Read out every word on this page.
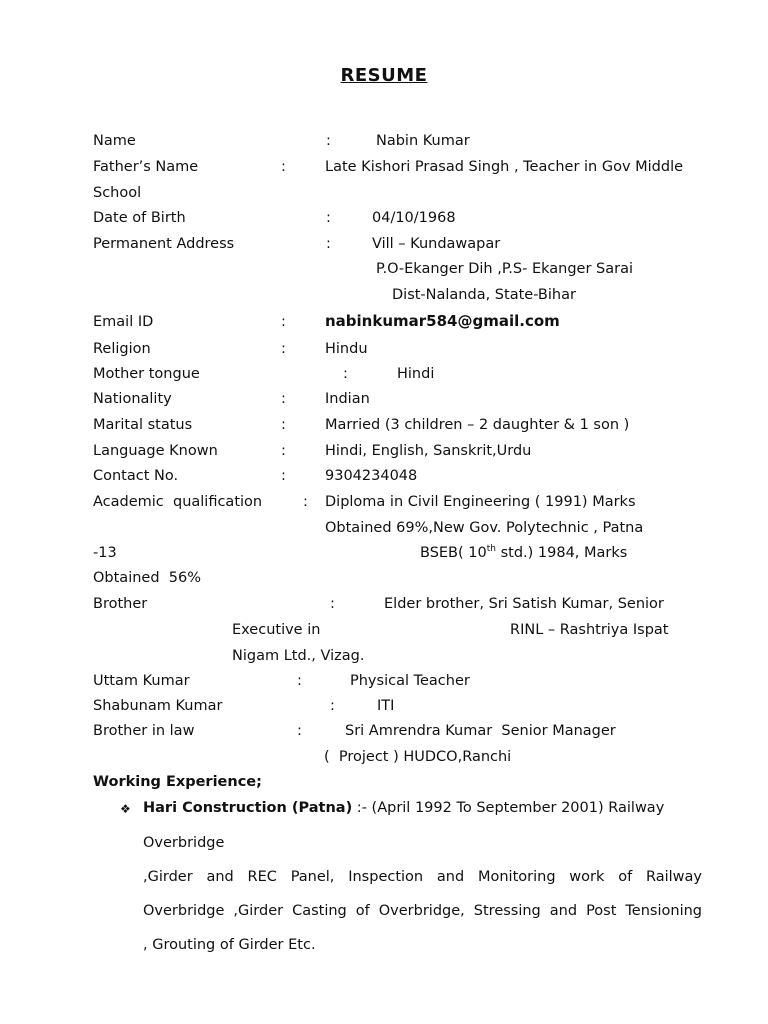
RESUME
Name	:	Nabin Kumar
Father’s Name	:	Late Kishori Prasad Singh , Teacher in Gov Middle
School
Date of Birth	:	04/10/1968
Permanent Address	:	Vill – Kundawapar
P.O-Ekanger Dih ,P.S- Ekanger Sarai
Dist-Nalanda, State-Bihar
Email ID	:	nabinkumar584@gmail.com
Religion	:	Hindu
Mother tongue	:	Hindi
Nationality	:	Indian
Marital status	:	Married (3 children – 2 daughter & 1 son )
Language Known	:	Hindi, English, Sanskrit,Urdu
Contact No.	:	9304234048
Academic  qualification	: Diploma in Civil Engineering ( 1991) Marks
Obtained 69%,New Gov. Polytechnic , Patna
-13	BSEB( 10th std.) 1984, Marks
Obtained  56%
Brother	:	Elder brother, Sri Satish Kumar, Senior
Executive in	RINL – Rashtriya Ispat
Nigam Ltd., Vizag.
Uttam Kumar	:	Physical Teacher
Shabunam Kumar	:	ITI
Brother in law	:	Sri Amrendra Kumar  Senior Manager
(  Project ) HUDCO,Ranchi
Working Experience;
❖ Hari Construction (Patna) :- (April 1992 To September 2001) Railway
Overbridge
,Girder and REC Panel, Inspection and Monitoring work of Railway
Overbridge ,Girder Casting of Overbridge, Stressing and Post Tensioning
, Grouting of Girder Etc.
